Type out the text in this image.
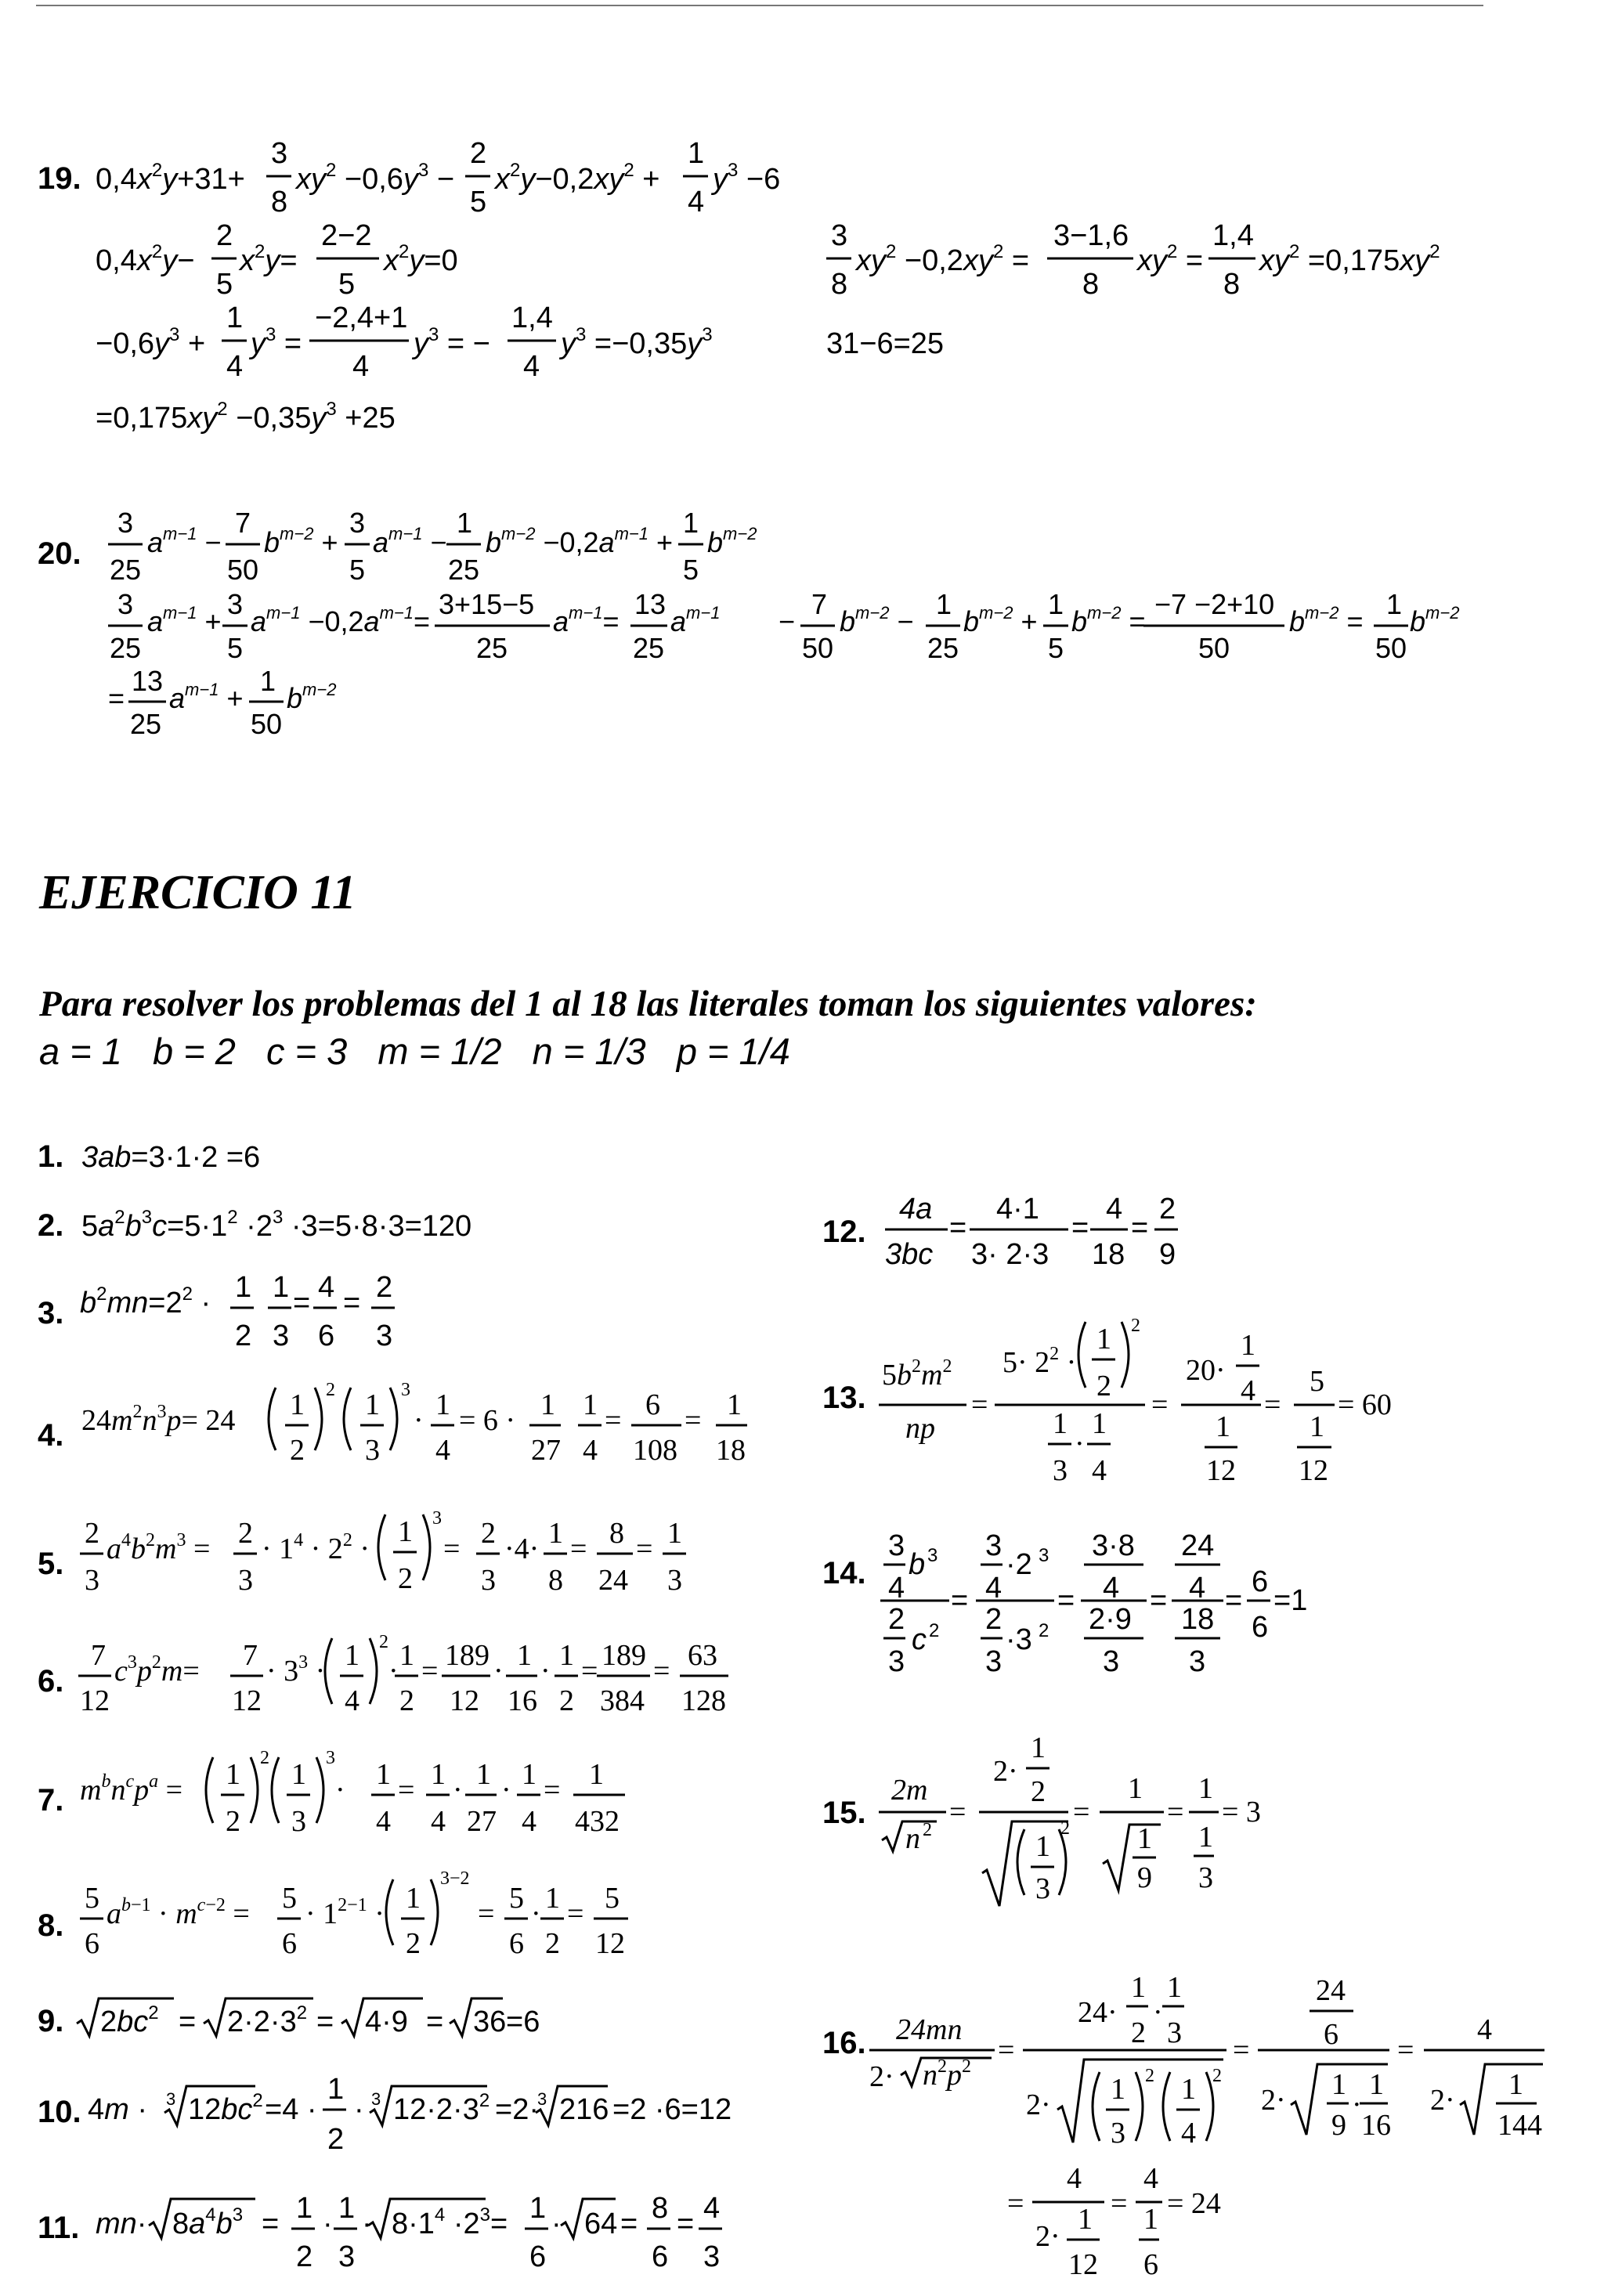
19. $0,4x^2y+31+$
3
8
$xy^2 -0,6y^3$ −
2
5
$x^2y-0,2xy^2$ +
1
4
$y^3 -6$
$0,4x^2y-$
2
5
$x^2y=$
2−2
5
$x^2y=0$
3
8
$xy^2 -0,2xy^2$ =
3−1,6
8
$xy^2$ =
1,4
8
$xy^2 =0,175xy^2$
$-0,6y^3$ +
1
4
$y^3$ =
−2,4+1
4
$y^3$ = −
1,4
4
$y^3 =-0,35y^3$	31−6=25
$=0,175xy^2 -0,35y^3 +25$
20.
3
25
$a^{m-1}$ −
7
50
$b^{m-2}$ +
3
5
$a^{m-1}$ −
1
25
$b^{m-2} -0,2a^{m-1}$ +
1
5
$b^{m-2}$
3
25
$a^{m-1}$ +
3
5
$a^{m-1} -0,2a^{m-1}=$
3+15−5
25
$a^{m-1}=$
13
25
$a^{m-1}$ −
7
50
$b^{m-2}$ −
1
25
$b^{m-2}$ +
1
5
$b^{m-2}$ =
−7 −2+10
50
$b^{m-2}$ =
1
50
$b^{m-2}$
=
13
25
$a^{m-1}$ +
1
50
$b^{m-2}$
EJERCICIO 11

Para resolver los problemas del 1 al 18 las literales toman los siguientes valores:

a = 1   b = 2   c = 3   m = 1/2   n = 1/3   p = 1/4

1. 3ab=3·1·2 =6
2. $5a^2b^3c=5\cdot 1^2 \cdot 2^3 \cdot 3=5\cdot 8\cdot 3=120$
3. $b^2mn=2^2 \cdot 1$
2
1
3
= 4
6
= 2
3
4. $24m^2n^3p= 24$ 1
2
2 1
3
3
· 1
4
= 6 · 1
27
1
4
= 6
108
= 1
18
5.
2
3
$a^4b^2m^3 = 2$
3
· $1^4 \cdot 2^2$ ·
1
2
3
= 2
3
·4· 1
8
= 8
24
= 1
3
6.
7
12
$c^3p^2m= 7$
12
· $3^3 \cdot 1$
4
2
· 1
2
= 189
12
· 1
16
· 1
2
= 189
384
= 63
128
7. $m^bn^cp^a = 1$
2
2 1
3
3
· 1
4
= 1
4
· 1
27
· 1
4
= 1
432
8.
5
6
$a^b-1 \cdot m^c-2 = 5$
6
· $1^{2-1} \cdot 1$
2
3−2
= 5
6
· 1
2
= 5
12
9. $2bc^2 = 2\cdot 2\cdot 3^2 = 4\cdot 9 = 36 =6$
10. 4m · 3 $12bc^2 =4$ ·
1
2
· 3 $12\cdot 2\cdot 3^2 =2\cdot$
3 216 =2 ·6=12
11. $mn\cdot 8a^4b^3 = 1$
2
· 1
3
· $8\cdot 1^4 \cdot 2^3 = 1$
6
· 64 = 8
6
= 4
3
12.
4a
3bc
=
4·1
3· 2·3
=
4
18
=
2
9
13.
$5b^2m^2$
np
=
$5\cdot 2^2$ ·
1
2
2
1
3
·
1
4
=
20·
1
4
1
12
=
5
1
12
= 60
14.
3
4
b 3
2
3
c 2
=
3
4
·2 3
2
3
·3 2
=
3·8
4
2·9
3
=
24
4
18
3
=
6
6
=1
15.
2m
n 2
=
2·
1
2
1
3
2 =
1
1
9
=
1
1
3
= 3
16. 24mn
$2\cdot n^2p^2$ =
24·
1
2
·
1
3
2· 1
3
2 1
4
2
=
24
6
2· 1
9
·
1
16
=
4
2· 1
144
=
4
2·
1
12
=
4
1
6
= 24
